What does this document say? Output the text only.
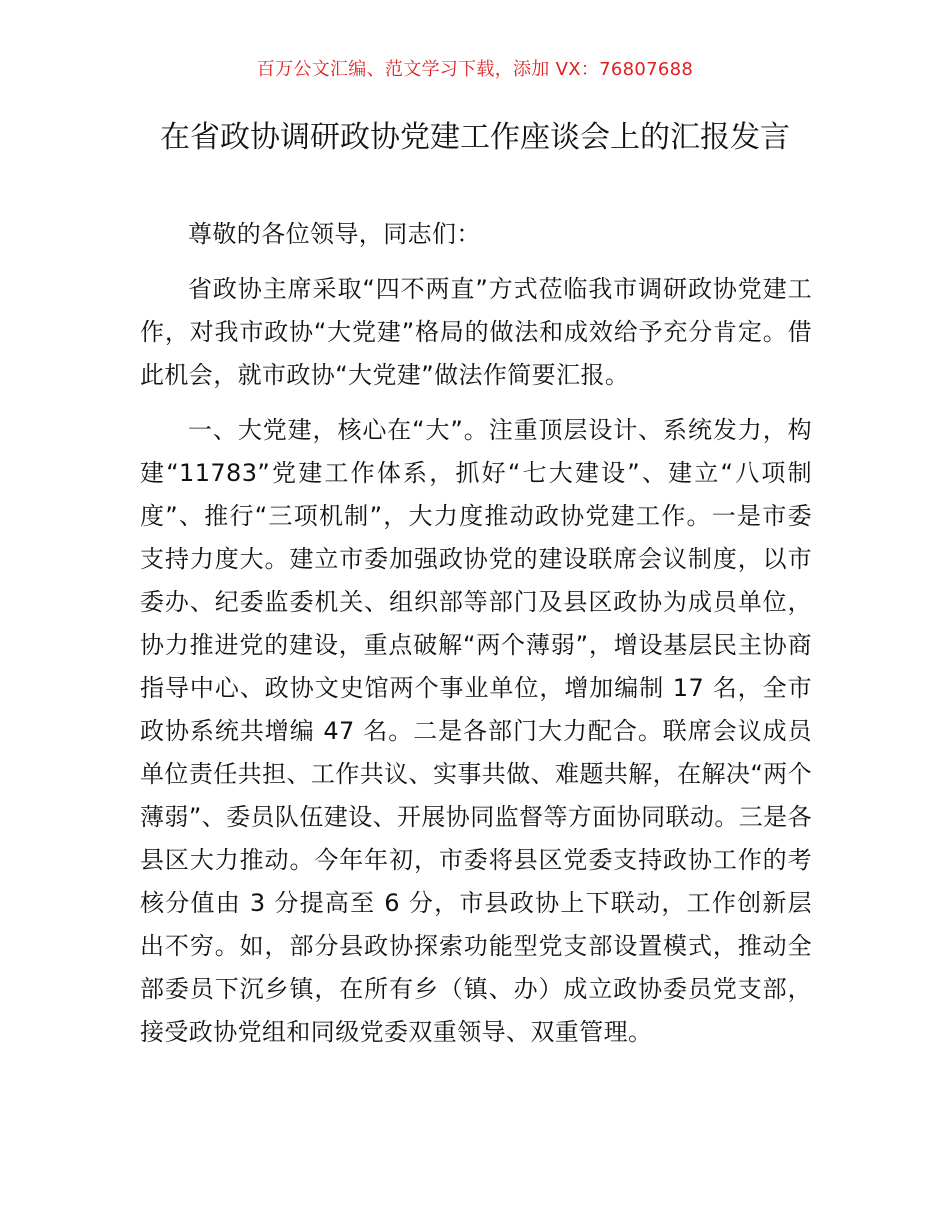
百万公文汇编、范文学习下载，添加 VX：76807688
在省政协调研政协党建工作座谈会上的汇报发言

尊敬的各位领导，同志们：

省政协主席采取“四不两直”方式莅临我市调研政协党建工作，对我市政协“大党建”格局的做法和成效给予充分肯定。借此机会，就市政协“大党建”做法作简要汇报。

一、大党建，核心在“大”。注重顶层设计、系统发力，构建“11783”党建工作体系，抓好“七大建设”、建立“八项制度”、推行“三项机制”，大力度推动政协党建工作。一是市委支持力度大。建立市委加强政协党的建设联席会议制度，以市委办、纪委监委机关、组织部等部门及县区政协为成员单位，协力推进党的建设，重点破解“两个薄弱”，增设基层民主协商指导中心、政协文史馆两个事业单位，增加编制 17 名，全市政协系统共增编 47 名。二是各部门大力配合。联席会议成员单位责任共担、工作共议、实事共做、难题共解，在解决“两个薄弱”、委员队伍建设、开展协同监督等方面协同联动。三是各县区大力推动。今年年初，市委将县区党委支持政协工作的考核分值由 3 分提高至 6 分，市县政协上下联动，工作创新层出不穷。如，部分县政协探索功能型党支部设置模式，推动全部委员下沉乡镇，在所有乡（镇、办）成立政协委员党支部，接受政协党组和同级党委双重领导、双重管理。
